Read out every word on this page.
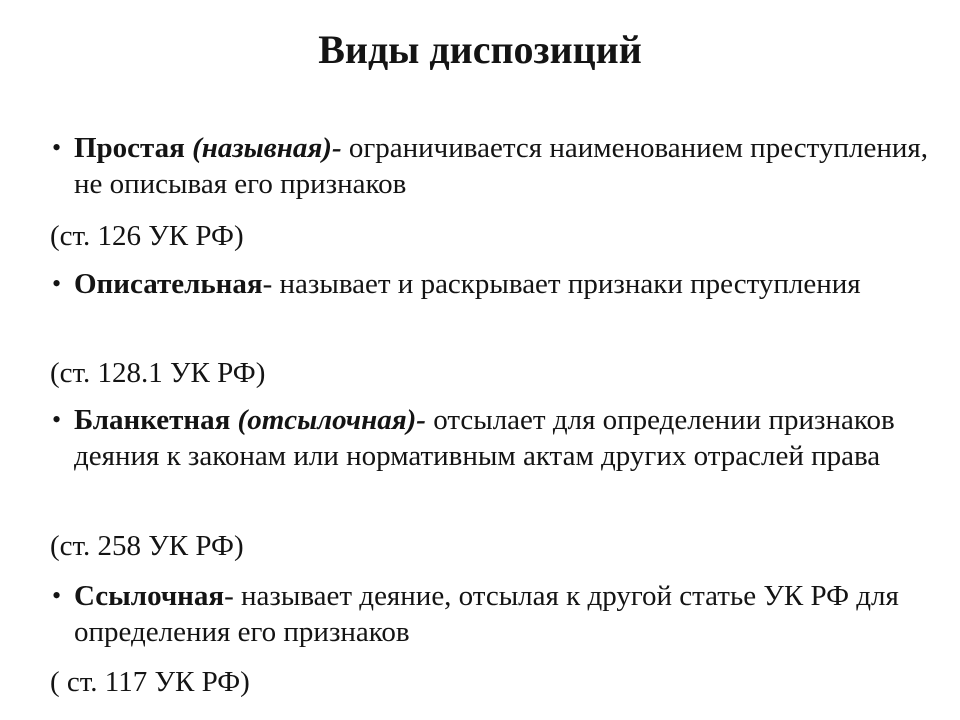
Виды диспозиций
• Простая (назывная)- ограничивается наименованием преступления, не описывая его признаков
(ст. 126 УК РФ)
• Описательная- называет и раскрывает признаки преступления
(ст. 128.1 УК РФ)
• Бланкетная (отсылочная)- отсылает для определении признаков деяния к законам или нормативным актам других отраслей права
(ст. 258 УК РФ)
• Ссылочная- называет деяние, отсылая к другой статье УК РФ для определения его признаков
( ст. 117 УК РФ)
